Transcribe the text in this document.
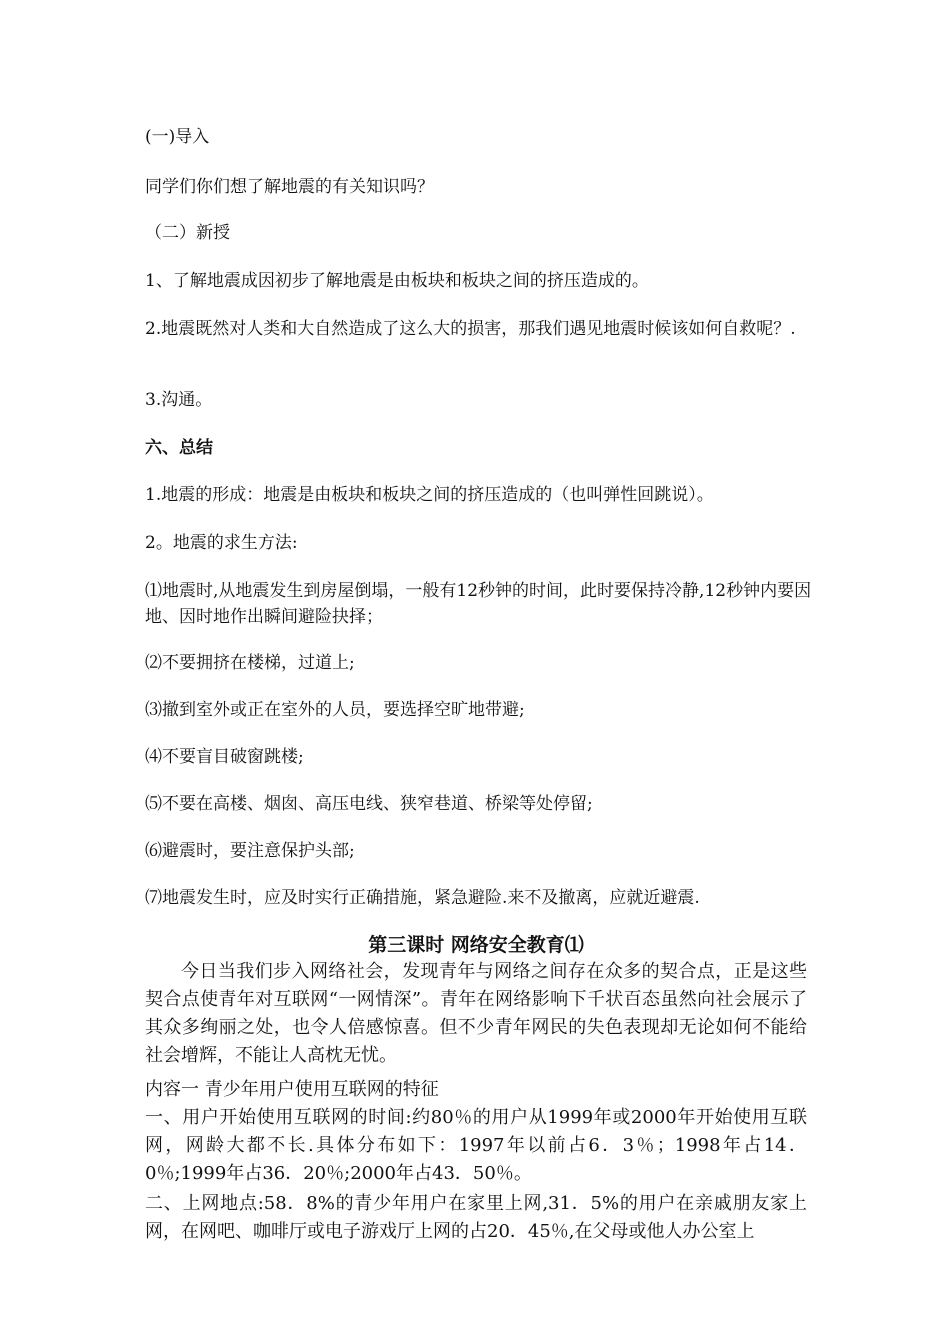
(一)导入

同学们你们想了解地震的有关知识吗？

（二）新授

1、了解地震成因初步了解地震是由板块和板块之间的挤压造成的。

2.地震既然对人类和大自然造成了这么大的损害，那我们遇见地震时候该如何自救呢？.

3.沟通。

六、总结

1.地震的形成：地震是由板块和板块之间的挤压造成的（也叫弹性回跳说）。

2。地震的求生方法:

⑴地震时,从地震发生到房屋倒塌，一般有12秒钟的时间，此时要保持冷静,12秒钟内要因地、因时地作出瞬间避险抉择；

⑵不要拥挤在楼梯，过道上;

⑶撤到室外或正在室外的人员，要选择空旷地带避;

⑷不要盲目破窗跳楼;

⑸不要在高楼、烟囱、高压电线、狭窄巷道、桥梁等处停留;

⑹避震时，要注意保护头部;

⑺地震发生时，应及时实行正确措施，紧急避险.来不及撤离，应就近避震.

第三课时 网络安全教育⑴

今日当我们步入网络社会，发现青年与网络之间存在众多的契合点，正是这些契合点使青年对互联网“一网情深”。青年在网络影响下千状百态虽然向社会展示了其众多绚丽之处，也令人倍感惊喜。但不少青年网民的失色表现却无论如何不能给社会增辉，不能让人高枕无忧。

内容一 青少年用户使用互联网的特征

一、用户开始使用互联网的时间:约80％的用户从1999年或2000年开始使用互联网，网龄大都不长.具体分布如下：1997年以前占6．3％；1998年占14．0％;1999年占36．20％;2000年占43．50％。

二、上网地点:58．8%的青少年用户在家里上网,31．5%的用户在亲戚朋友家上网，在网吧、咖啡厅或电子游戏厅上网的占20．45％,在父母或他人办公室上
